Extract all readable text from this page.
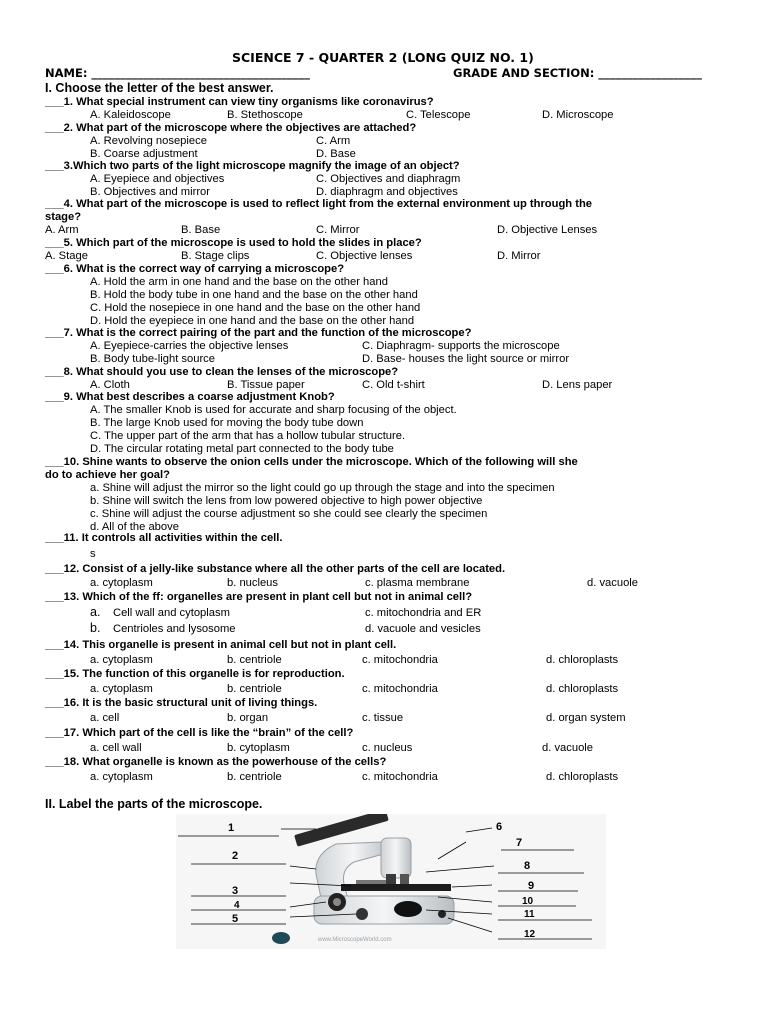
SCIENCE 7 - QUARTER 2 (LONG QUIZ NO. 1)
NAME: ______________________________________	GRADE AND SECTION: __________________
I. Choose the letter of the best answer.
___1. What special instrument can view tiny organisms like coronavirus?
A. Kaleidoscope	B. Stethoscope	C. Telescope	D. Microscope
___2. What part of the microscope where the objectives are attached?
A. Revolving nosepiece	C. Arm
B. Coarse adjustment	D. Base
___3.Which two parts of the light microscope magnify the image of an object?
A. Eyepiece and objectives	C. Objectives and diaphragm
B. Objectives and mirror	D. diaphragm and objectives
___4. What part of the microscope is used to reflect light from the external environment up through the
stage?
A. Arm	B. Base	C. Mirror	D. Objective Lenses
___5. Which part of the microscope is used to hold the slides in place?
A. Stage	B. Stage clips	C. Objective lenses	D. Mirror
___6. What is the correct way of carrying a microscope?
A. Hold the arm in one hand and the base on the other hand
B. Hold the body tube in one hand and the base on the other hand
C. Hold the nosepiece in one hand and the base on the other hand
D. Hold the eyepiece in one hand and the base on the other hand
___7. What is the correct pairing of the part and the function of the microscope?
A. Eyepiece-carries the objective lenses	C. Diaphragm- supports the microscope
B. Body tube-light source	D. Base- houses the light source or mirror
___8. What should you use to clean the lenses of the microscope?
A. Cloth	B. Tissue paper	C. Old t-shirt	D. Lens paper
___9. What best describes a coarse adjustment Knob?
A. The smaller Knob is used for accurate and sharp focusing of the object.
B. The large Knob used for moving the body tube down
C. The upper part of the arm that has a hollow tubular structure.
D. The circular rotating metal part connected to the body tube
___10. Shine wants to observe the onion cells under the microscope. Which of the following will she
do to achieve her goal?
a. Shine will adjust the mirror so the light could go up through the stage and into the specimen
b. Shine will switch the lens from low powered objective to high power objective
c. Shine will adjust the course adjustment so she could see clearly the specimen
d. All of the above
___11. It controls all activities within the cell.
s
___12. Consist of a jelly-like substance where all the other parts of the cell are located.
a. cytoplasm	b. nucleus	c. plasma membrane	d. vacuole
___13. Which of the ff: organelles are present in plant cell but not in animal cell?
a. Cell wall and cytoplasm	c. mitochondria and ER
b. Centrioles and lysosome	d. vacuole and vesicles
___14. This organelle is present in animal cell but not in plant cell.
a. cytoplasm	b. centriole	c. mitochondria	d. chloroplasts
___15. The function of this organelle is for reproduction.
a. cytoplasm	b. centriole	c. mitochondria	d. chloroplasts
___16. It is the basic structural unit of living things.
a. cell	b. organ	c. tissue	d. organ system
___17. Which part of the cell is like the “brain” of the cell?
a. cell wall	b. cytoplasm	c. nucleus	d. vacuole
___18. What organelle is known as the powerhouse of the cells?
a. cytoplasm	b. centriole	c. mitochondria	d. chloroplasts
II. Label the parts of the microscope.
www.MicroscopeWorld.com
1
2
3
4
5
6
7
8
9
10
11
12
